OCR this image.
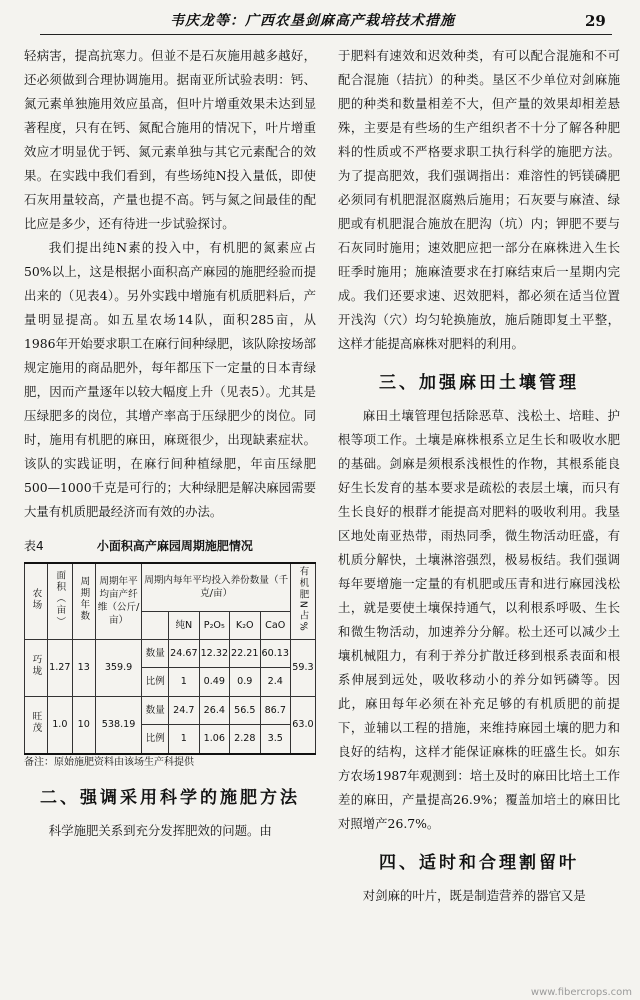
韦庆龙等：广西农垦剑麻高产栽培技术措施	29

轻病害，提高抗寒力。但並不是石灰施用越多越好，还必须做到合理协调施用。据南亚所试验表明：钙、氮元素单独施用效应虽高，但叶片增重效果未达到显著程度，只有在钙、氮配合施用的情况下，叶片增重效应才明显优于钙、氮元素单独与其它元素配合的效果。在实践中我们看到，有些场纯N投入量低，即使石灰用量较高，产量也提不高。钙与氮之间最佳的配比应是多少，还有待进一步试验探讨。

我们提出纯N素的投入中，有机肥的氮素应占50%以上，这是根据小面积高产麻园的施肥经验而提出来的（见表4）。另外实践中增施有机质肥料后，产量明显提高。如五星农场14队，面积285亩，从1986年开始要求职工在麻行间种绿肥，该队除按场部规定施用的商品肥外，每年都压下一定量的日本青绿肥，因而产量逐年以较大幅度上升（见表5）。尤其是压绿肥多的岗位，其增产率高于压绿肥少的岗位。同时，施用有机肥的麻田，麻斑很少，出现缺素症状。该队的实践证明，在麻行间种植绿肥，年亩压绿肥500—1000千克是可行的；大种绿肥是解决麻园需要大量有机质肥最经济而有效的办法。

表4	小面积高产麻园周期施肥情况
农场	面积（亩）	周期年数	周期年平均亩产纤维（公斤/亩）	周期内每年平均投入养份数量（千克/亩）					有机肥N占%
					纯N	P₂O₅	K₂O	CaO	
巧垅	1.27	13	359.9	数量	24.67	12.32	22.21	60.13	59.3
				比例	1	0.49	0.9	2.4	
旺茂	1.0	10	538.19	数量	24.7	26.4	56.5	86.7	63.0
				比例	1	1.06	2.28	3.5	

备注：原始施肥资料由该场生产科提供

二、强调采用科学的施肥方法

科学施肥关系到充分发挥肥效的问题。由

于肥料有速效和迟效种类，有可以配合混施和不可配合混施（拮抗）的种类。垦区不少单位对剑麻施肥的种类和数量相差不大，但产量的效果却相差悬殊，主要是有些场的生产组织者不十分了解各种肥料的性质或不严格要求职工执行科学的施肥方法。为了提高肥效，我们强调指出：难溶性的钙镁磷肥必须同有机肥混沤腐熟后施用；石灰要与麻渣、绿肥或有机肥混合施放在肥沟（坑）内；钾肥不要与石灰同时施用；速效肥应把一部分在麻株进入生长旺季时施用；施麻渣要求在打麻结束后一星期内完成。我们还要求速、迟效肥料，都必须在适当位置开浅沟（穴）均匀轮换施放，施后随即复土平整，这样才能提高麻株对肥料的利用。

三、加强麻田土壤管理

麻田土壤管理包括除恶草、浅松土、培畦、护根等项工作。土壤是麻株根系立足生长和吸收水肥的基础。剑麻是须根系浅根性的作物，其根系能良好生长发育的基本要求是疏松的表层土壤，而只有生长良好的根群才能提高对肥料的吸收利用。我垦区地处南亚热带，雨热同季，微生物活动旺盛，有机质分解快，土壤淋溶强烈，极易板结。我们强调每年要增施一定量的有机肥或压青和进行麻园浅松土，就是要使土壤保持通气，以利根系呼吸、生长和微生物活动，加速养分分解。松土还可以减少土壤机械阻力，有利于养分扩散迁移到根系表面和根系伸展到远处，吸收移动小的养分如钙磷等。因此，麻田每年必须在补充足够的有机质肥的前提下，並辅以工程的措施，来维持麻园土壤的肥力和良好的结构，这样才能保证麻株的旺盛生长。如东方农场1987年观测到：培土及时的麻田比培土工作差的麻田，产量提高26.9%；覆盖加培土的麻田比对照增产26.7%。

四、适时和合理割留叶

对剑麻的叶片，既是制造营养的器官又是

www.fibercrops.com
